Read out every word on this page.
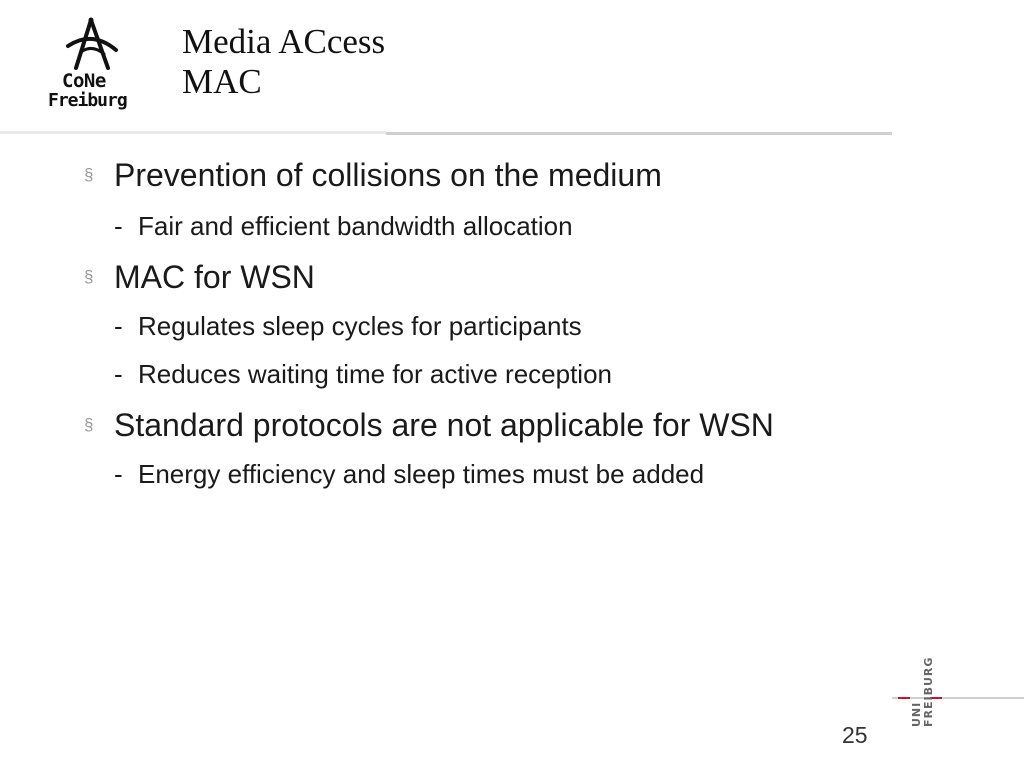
CoNe
Freiburg
Media ACcess
MAC
§ Prevention of collisions on the medium
- Fair and efficient bandwidth allocation
§ MAC for WSN
- Regulates sleep cycles for participants
- Reduces waiting time for active reception
§ Standard protocols are not applicable for WSN
- Energy efficiency and sleep times must be added
25
UNI FREIBURG
